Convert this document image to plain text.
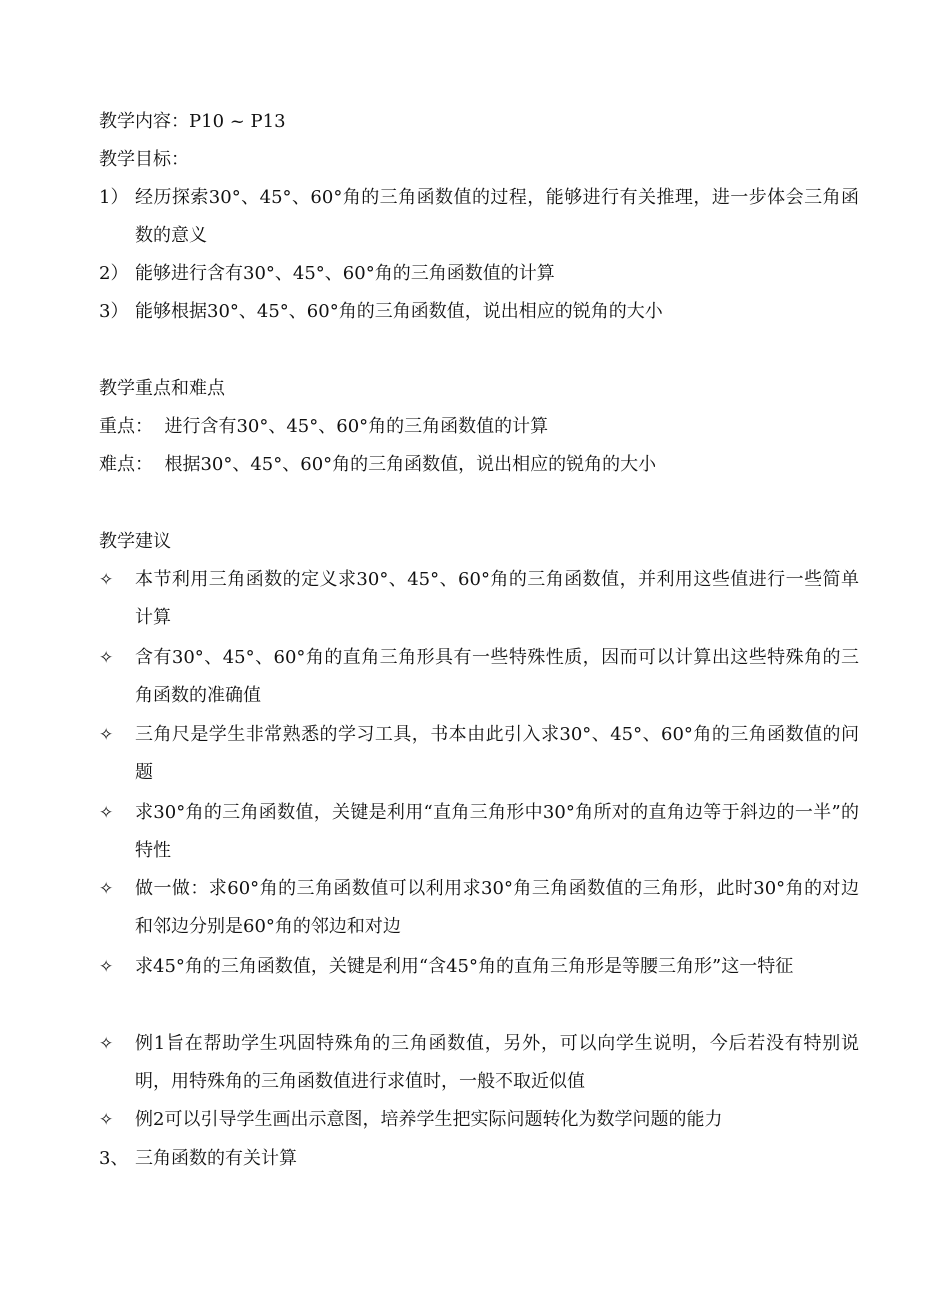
教学内容：P10 ~ P13
教学目标：
1） 经历探索30°、45°、60°角的三角函数值的过程，能够进行有关推理，进一步体会三角函数的意义
2） 能够进行含有30°、45°、60°角的三角函数值的计算
3） 能够根据30°、45°、60°角的三角函数值，说出相应的锐角的大小
教学重点和难点
重点：  进行含有30°、45°、60°角的三角函数值的计算
难点：  根据30°、45°、60°角的三角函数值，说出相应的锐角的大小
教学建议
✧ 本节利用三角函数的定义求30°、45°、60°角的三角函数值，并利用这些值进行一些简单计算
✧ 含有30°、45°、60°角的直角三角形具有一些特殊性质，因而可以计算出这些特殊角的三角函数的准确值
✧ 三角尺是学生非常熟悉的学习工具，书本由此引入求30°、45°、60°角的三角函数值的问题
✧ 求30°角的三角函数值，关键是利用“直角三角形中30°角所对的直角边等于斜边的一半”的特性
✧ 做一做：求60°角的三角函数值可以利用求30°角三角函数值的三角形，此时30°角的对边和邻边分别是60°角的邻边和对边
✧ 求45°角的三角函数值，关键是利用“含45°角的直角三角形是等腰三角形”这一特征
✧ 例1旨在帮助学生巩固特殊角的三角函数值，另外，可以向学生说明，今后若没有特别说明，用特殊角的三角函数值进行求值时，一般不取近似值
✧ 例2可以引导学生画出示意图，培养学生把实际问题转化为数学问题的能力
3、 三角函数的有关计算
